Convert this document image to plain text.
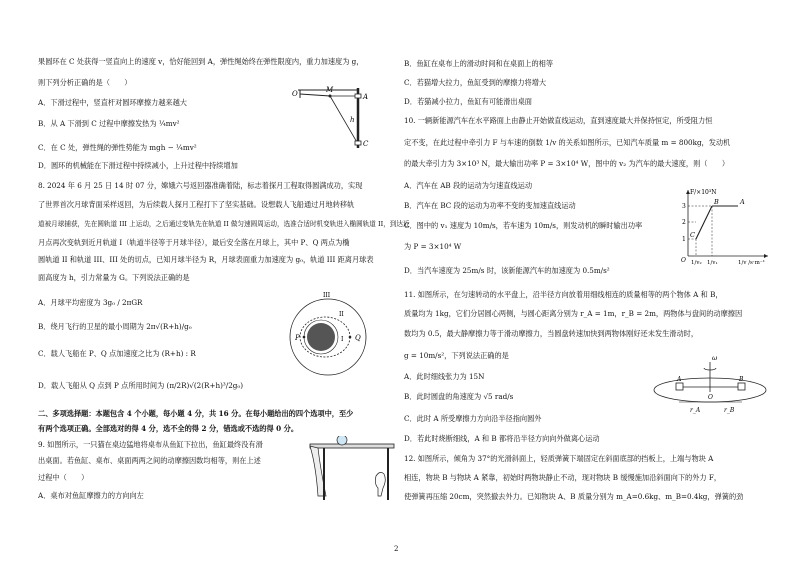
果圆环在 C 处获得一竖直向上的速度 v，恰好能回到 A，弹性绳始终在弹性限度内，重力加速度为 g，
则下列分析正确的是（　　）
A．下滑过程中，竖直杆对圆环摩擦力越来越大
B．从 A 下滑到 C 过程中摩擦发热为 ¼mv²
C．在 C 处，弹性绳的弹性势能为 mgh − ¼mv²
D．圆环的机械能在下滑过程中持续减小，上升过程中持续增加
8. 2024 年 6 月 25 日 14 时 07 分，嫦娥六号返回器准确着陆，标志着探月工程取得圆满成功，实现
了世界首次月球背面采样返回，为后续载人探月工程打下了坚实基础。设想载人飞船通过月地转移轨
道被月球捕获，先在圆轨道 III 上运动，之后通过变轨先在轨道 II 做匀速圆周运动，选准合适时机变轨进入椭圆轨道 II，到达近
月点再次变轨到近月轨道 I（轨道半径等于月球半径），最后安全落在月球上，其中 P、Q 两点为椭
圆轨道 II 和轨道 III、III 处的切点，已知月球半径为 R，月球表面重力加速度为 g₀，轨道 III 距离月球表
面高度为 h，引力常量为 G。下列说法正确的是
A．月球平均密度为 3g₀ / 2πGR
B．绕月飞行的卫星的最小周期为 2π√(R+h)/g₀
C．载人飞船在 P、Q 点加速度之比为 (R+h) : R
D．载人飞船从 Q 点到 P 点所用时间为 (π/2R)√(2(R+h)³/2g₀)
二、多项选择题：本题包含 4 个小题，每小题 4 分，共 16 分。在每小题给出的四个选项中，至少
有两个选项正确。全部选对的得 4 分，选不全的得 2 分，错选或不选的得 0 分。
9. 如图所示，一只猫在桌边猛地将桌布从鱼缸下拉出，鱼缸最终没有滑
出桌面。若鱼缸、桌布、桌面两两之间的动摩擦因数均相等，则在上述
过程中（　　）
A．桌布对鱼缸摩擦力的方向向左
O	M
A
h
C
III
II
I
P	Q
B．鱼缸在桌布上的滑动时间和在桌面上的相等
C．若猫增大拉力，鱼缸受到的摩擦力将增大
D．若猫减小拉力，鱼缸有可能滑出桌面
10. 一辆新能源汽车在水平路面上由静止开始做直线运动，直到速度最大并保持恒定，所受阻力恒
定不变，在此过程中牵引力 F 与车速的倒数 1/v 的关系如图所示，已知汽车质量 m = 800kg，发动机
的最大牵引力为 3×10³ N，最大输出功率 P = 3×10⁴ W，图中的 v₂ 为汽车的最大速度，则（　　）
A．汽车在 AB 段的运动为匀速直线运动
B．汽车在 BC 段的运动为功率不变的变加速直线运动
C．图中的 v₁ 速度为 10m/s，若车速为 10m/s，则发动机的瞬时输出功率
为 P = 3×10⁴ W
D．当汽车速度为 25m/s 时，该新能源汽车的加速度为 0.5m/s²
11. 如图所示，在匀速转动的水平盘上，沿半径方向放着用细线相连的质量相等的两个物体 A 和 B，
质量均为 1kg，它们分居圆心两侧，与圆心距离分别为 r_A = 1m，r_B = 2m，两物体与盘间的动摩擦因
数均为 0.5，最大静摩擦力等于滑动摩擦力，当圆盘转速加快到两物体刚好还未发生滑动时，
g = 10m/s²，下列说法正确的是
A．此时细线张力为 15N
B．此时圆盘的角速度为 √5 rad/s
C．此时 A 所受摩擦力方向沿半径指向圆外
D．若此时烧断细线，A 和 B 都将沿半径方向向外做离心运动
12. 如图所示，倾角为 37°的光滑斜面上，轻质弹簧下端固定在斜面底部的挡板上，上端与物块 A
相连，物块 B 与物块 A 紧靠，初始时两物块静止不动，现对物块 B 缓慢施加沿斜面向下的外力 F，
使弹簧再压缩 20cm，突然撤去外力。已知物块 A、B 质量分别为 m_A=0.6kg、m_B=0.4kg，弹簧的劲
F/×10³N
1/v /s·m⁻¹
3
2
1
1/v₂ 1/v₁
A
B
C
O
ω
A	B
r_A
O
r_B
2
